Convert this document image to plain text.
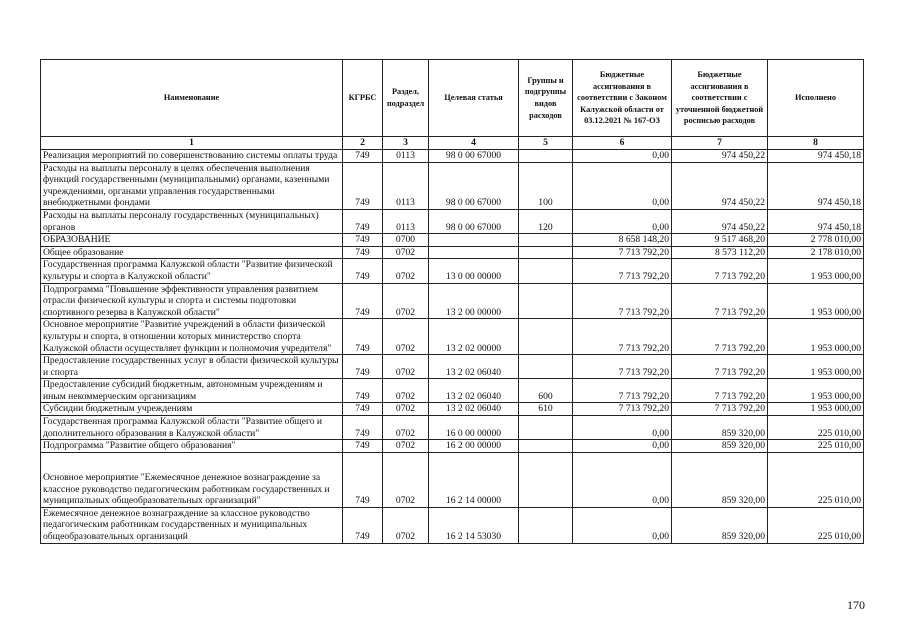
Наименование	КГРБС	Раздел, подраздел	Целевая статья	Группы и подгруппы видов расходов	Бюджетные ассигнования в соответствии с Законом Калужской области от 03.12.2021 № 167-ОЗ	Бюджетные ассигнования в соответствии с уточненной бюджетной росписью расходов	Исполнено
1	2	3	4	5	6	7	8
Реализация мероприятий по совершенствованию системы оплаты труда	749	0113	98 0 00 67000		0,00	974 450,22	974 450,18
Расходы на выплаты персоналу в целях обеспечения выполнения функций государственными (муниципальными) органами, казенными учреждениями, органами управления государственными внебюджетными фондами	749	0113	98 0 00 67000	100	0,00	974 450,22	974 450,18
Расходы на выплаты персоналу государственных (муниципальных) органов	749	0113	98 0 00 67000	120	0,00	974 450,22	974 450,18
ОБРАЗОВАНИЕ	749	0700			8 658 148,20	9 517 468,20	2 778 010,00
Общее образование	749	0702			7 713 792,20	8 573 112,20	2 178 010,00
Государственная программа Калужской области "Развитие физической культуры и спорта в Калужской области"	749	0702	13 0 00 00000		7 713 792,20	7 713 792,20	1 953 000,00
Подпрограмма "Повышение эффективности управления развитием отрасли физической культуры и спорта и системы подготовки спортивного резерва в Калужской области"	749	0702	13 2 00 00000		7 713 792,20	7 713 792,20	1 953 000,00
Основное мероприятие "Развитие учреждений в области физической культуры и спорта, в отношении которых министерство спорта Калужской области осуществляет функции и полномочия учредителя"	749	0702	13 2 02 00000		7 713 792,20	7 713 792,20	1 953 000,00
Предоставление государственных услуг в области физической культуры и спорта	749	0702	13 2 02 06040		7 713 792,20	7 713 792,20	1 953 000,00
Предоставление субсидий бюджетным, автономным учреждениям и иным некоммерческим организациям	749	0702	13 2 02 06040	600	7 713 792,20	7 713 792,20	1 953 000,00
Субсидии бюджетным учреждениям	749	0702	13 2 02 06040	610	7 713 792,20	7 713 792,20	1 953 000,00
Государственная программа Калужской области "Развитие общего и дополнительного образования в Калужской области"	749	0702	16 0 00 00000		0,00	859 320,00	225 010,00
Подпрограмма "Развитие общего образования"	749	0702	16 2 00 00000		0,00	859 320,00	225 010,00
Основное мероприятие "Ежемесячное денежное вознаграждение за классное руководство педагогическим работникам государственных и муниципальных общеобразовательных организаций"	749	0702	16 2 14 00000		0,00	859 320,00	225 010,00
Ежемесячное денежное вознаграждение за классное руководство педагогическим работникам государственных и муниципальных общеобразовательных организаций	749	0702	16 2 14 53030		0,00	859 320,00	225 010,00
170
